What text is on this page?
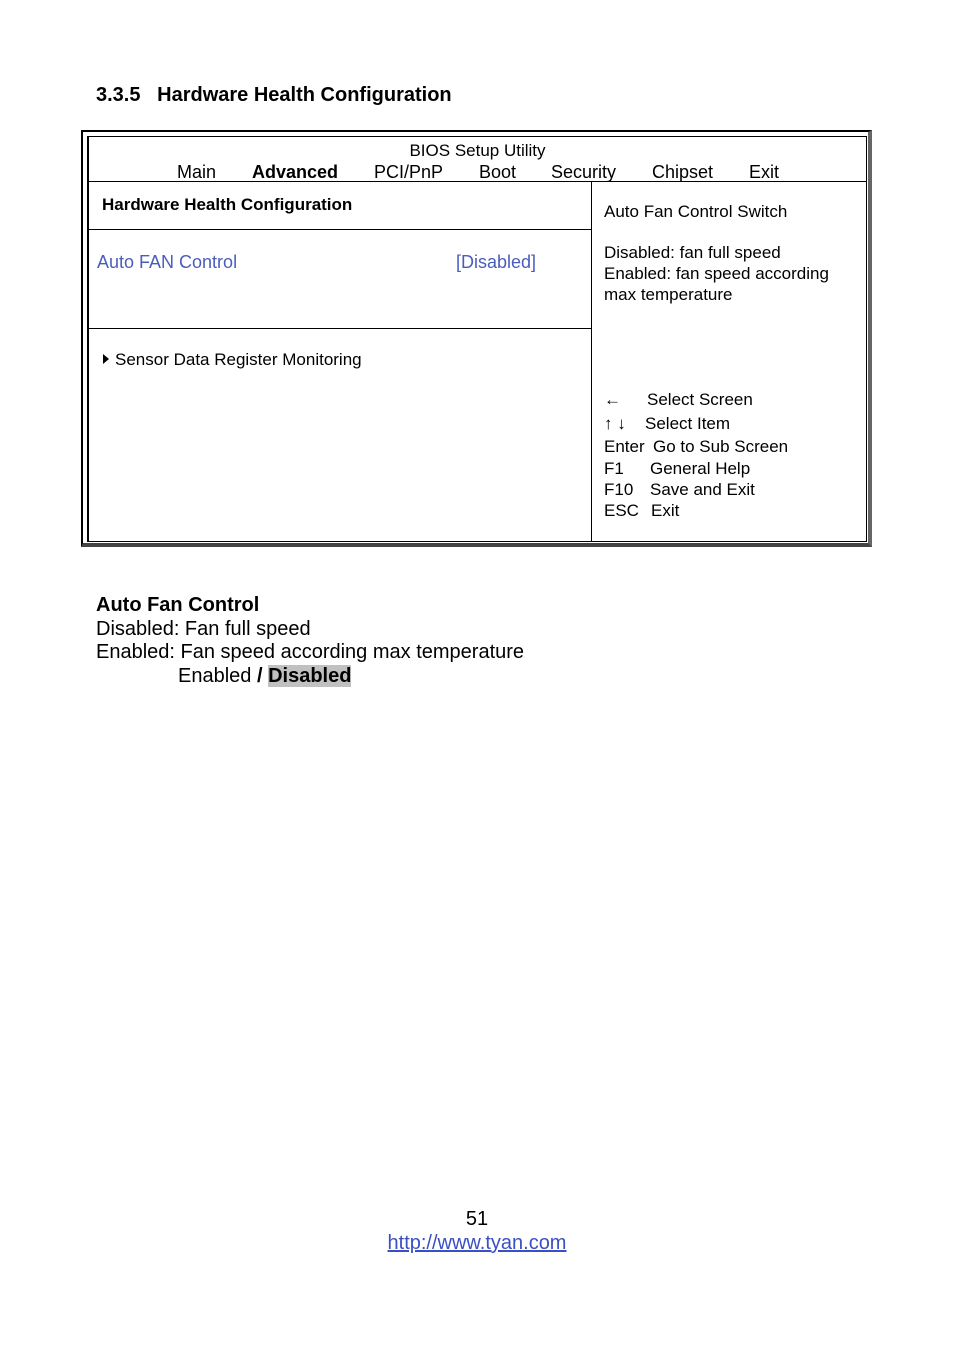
3.3.5 Hardware Health Configuration
BIOS Setup Utility
Main Advanced PCI/PnP Boot Security Chipset Exit
Hardware Health Configuration
Auto FAN Control	[Disabled]
Sensor Data Register Monitoring
Auto Fan Control Switch
Disabled: fan full speed
Enabled: fan speed according
max temperature
← Select Screen
↑ ↓ Select Item
Enter Go to Sub Screen
F1 General Help
F10 Save and Exit
ESC Exit
Auto Fan Control
Disabled: Fan full speed
Enabled: Fan speed according max temperature
Enabled / Disabled
51
http://www.tyan.com
